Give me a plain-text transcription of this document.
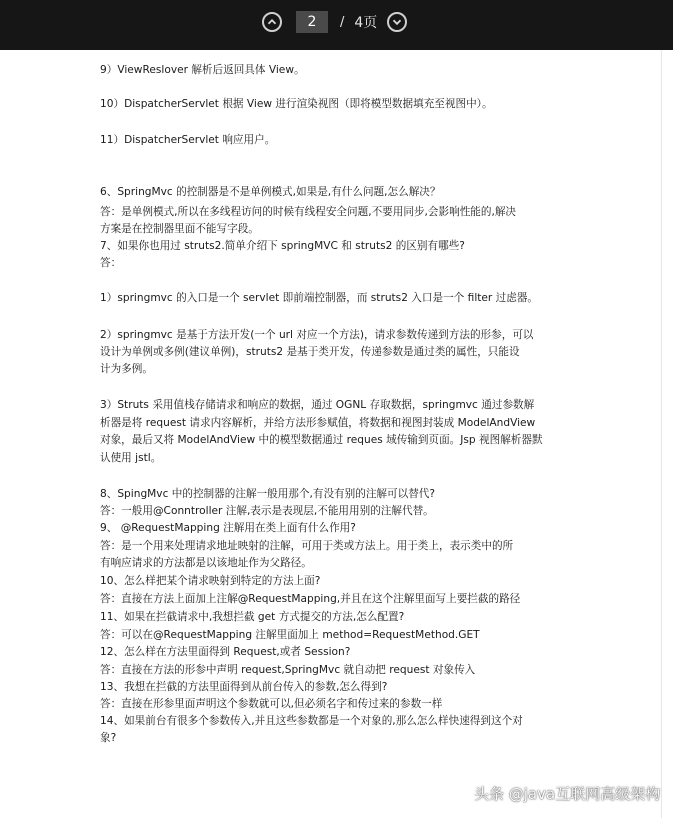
2
/ 4页
9）ViewReslover 解析后返回具体 View。
10）DispatcherServlet 根据 View 进行渲染视图（即将模型数据填充至视图中）。
11）DispatcherServlet 响应用户。
6、SpringMvc 的控制器是不是单例模式,如果是,有什么问题,怎么解决？
答：是单例模式,所以在多线程访问的时候有线程安全问题,不要用同步,会影响性能的,解决
方案是在控制器里面不能写字段。
7、如果你也用过 struts2.简单介绍下 springMVC 和 struts2 的区别有哪些?
答：
1）springmvc 的入口是一个 servlet 即前端控制器，而 struts2 入口是一个 filter 过虑器。
2）springmvc 是基于方法开发(一个 url 对应一个方法)，请求参数传递到方法的形参，可以
设计为单例或多例(建议单例)，struts2 是基于类开发，传递参数是通过类的属性，只能设
计为多例。
3）Struts 采用值栈存储请求和响应的数据，通过 OGNL 存取数据，springmvc 通过参数解
析器是将 request 请求内容解析，并给方法形参赋值，将数据和视图封装成 ModelAndView
对象，最后又将 ModelAndView 中的模型数据通过 reques 域传输到页面。Jsp 视图解析器默
认使用 jstl。
8、SpingMvc 中的控制器的注解一般用那个,有没有别的注解可以替代?
答：一般用@Conntroller 注解,表示是表现层,不能用用别的注解代替。
9、 @RequestMapping 注解用在类上面有什么作用?
答：是一个用来处理请求地址映射的注解，可用于类或方法上。用于类上，表示类中的所
有响应请求的方法都是以该地址作为父路径。
10、怎么样把某个请求映射到特定的方法上面?
答：直接在方法上面加上注解@RequestMapping,并且在这个注解里面写上要拦截的路径
11、如果在拦截请求中,我想拦截 get 方式提交的方法,怎么配置?
答：可以在@RequestMapping 注解里面加上 method=RequestMethod.GET
12、怎么样在方法里面得到 Request,或者 Session?
答：直接在方法的形参中声明 request,SpringMvc 就自动把 request 对象传入
13、我想在拦截的方法里面得到从前台传入的参数,怎么得到?
答：直接在形参里面声明这个参数就可以,但必须名字和传过来的参数一样
14、如果前台有很多个参数传入,并且这些参数都是一个对象的,那么怎么样快速得到这个对
象?
头条 @java互联网高级架构
